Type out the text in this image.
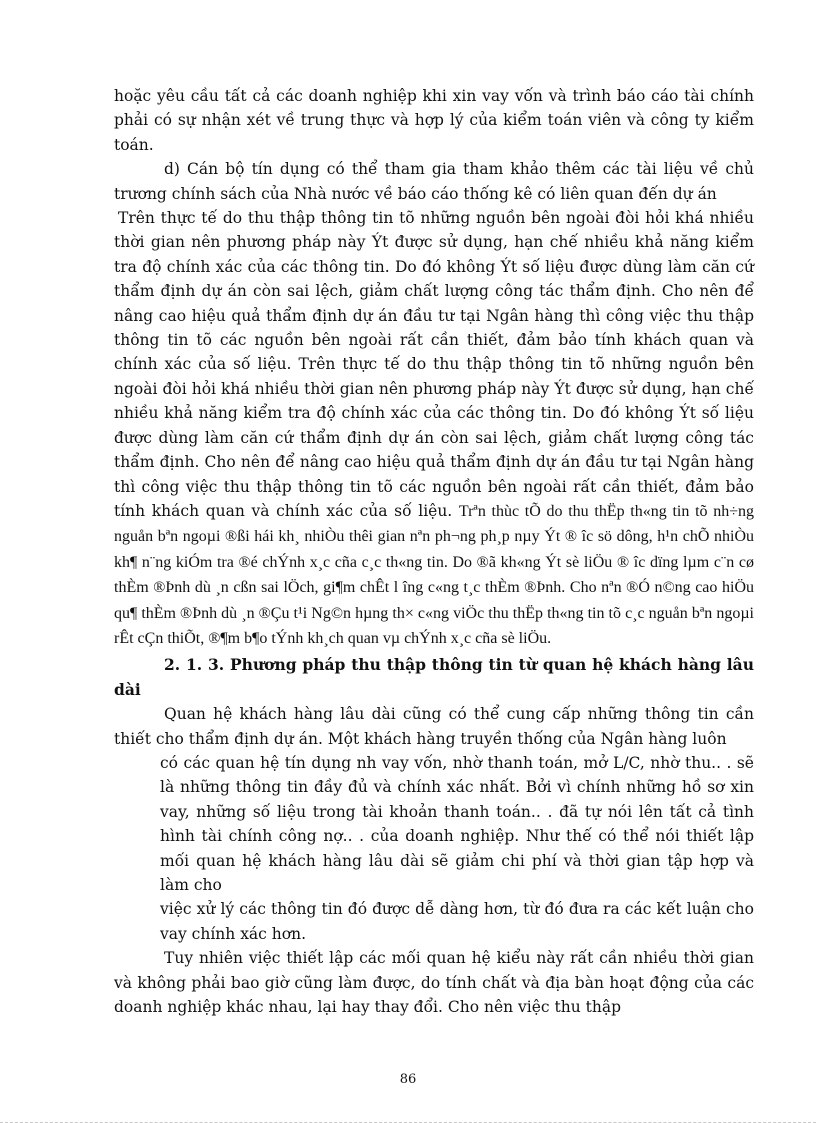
hoặc yêu cầu tất cả các doanh nghiệp khi xin vay vốn và trình báo cáo tài chính phải có sự nhận xét về trung thực và hợp lý của kiểm toán viên và công ty kiểm toán.

d) Cán bộ tín dụng có thể tham gia tham khảo thêm các tài liệu về chủ trương chính sách của Nhà nước về báo cáo thống kê có liên quan đến dự án

Trên thực tế do thu thập thông tin tõ những nguồn bên ngoài đòi hỏi khá nhiều thời gian nên phương pháp này Ýt được sử dụng, hạn chế nhiều khả năng kiểm tra độ chính xác của các thông tin. Do đó không Ýt số liệu được dùng làm căn cứ thẩm định dự án còn sai lệch, giảm chất lượng công tác thẩm định. Cho nên để nâng cao hiệu quả thẩm định dự án đầu tư tại Ngân hàng thì công việc thu thập thông tin tõ các nguồn bên ngoài rất cần thiết, đảm bảo tính khách quan và chính xác của số liệu. Trên thực tế do thu thập thông tin tõ những nguồn bên ngoài đòi hỏi khá nhiều thời gian nên phương pháp này Ýt được sử dụng, hạn chế nhiều khả năng kiểm tra độ chính xác của các thông tin. Do đó không Ýt số liệu được dùng làm căn cứ thẩm định dự án còn sai lệch, giảm chất lượng công tác thẩm định. Cho nên để nâng cao hiệu quả thẩm định dự án đầu tư tại Ngân hàng thì công việc thu thập thông tin tõ các nguồn bên ngoài rất cần thiết, đảm bảo tính khách quan và chính xác của số liệu. Trªn thùc tÕ do thu thËp th«ng tin tõ nh÷ng nguån bªn ngoµi ®ßi hái kh¸ nhiÒu thêi gian nªn ph¬ng ph¸p nµy Ýt ® îc sö dông, h¹n chÕ nhiÒu kh¶ n¨ng kiÓm tra ®é chÝnh x¸c cña c¸c th«ng tin. Do ®ã kh«ng Ýt sè liÖu ® îc dïng lµm c¨n cø thÈm ®Þnh dù ¸n cßn sai lÖch, gi¶m chÊt l îng c«ng t¸c thÈm ®Þnh. Cho nªn ®Ó n©ng cao hiÖu qu¶ thÈm ®Þnh dù ¸n ®Çu t¹i Ng©n hµng th× c«ng viÖc thu thËp th«ng tin tõ c¸c nguån bªn ngoµi rÊt cÇn thiÕt, ®¶m b¶o tÝnh kh¸ch quan vµ chÝnh x¸c cña sè liÖu.

2. 1. 3. Phương pháp thu thập thông tin từ quan hệ khách hàng lâu dài

Quan hệ khách hàng lâu dài cũng có thể cung cấp những thông tin cần thiết cho thẩm định dự án. Một khách hàng truyền thống của Ngân hàng luôn

có các quan hệ tín dụng nh vay vốn, nhờ thanh toán, mở L/C, nhờ thu.. . sẽ là những thông tin đầy đủ và chính xác nhất. Bởi vì chính những hồ sơ xin vay, những số liệu trong tài khoản thanh toán.. . đã tự nói lên tất cả tình hình tài chính công nợ.. . của doanh nghiệp. Như thế có thể nói thiết lập mối quan hệ khách hàng lâu dài sẽ giảm chi phí và thời gian tập hợp và làm cho

việc xử lý các thông tin đó được dễ dàng hơn, từ đó đưa ra các kết luận cho vay chính xác hơn.

Tuy nhiên việc thiết lập các mối quan hệ kiểu này rất cần nhiều thời gian và không phải bao giờ cũng làm được, do tính chất và địa bàn hoạt động của các doanh nghiệp khác nhau, lại hay thay đổi. Cho nên việc thu thập

86
